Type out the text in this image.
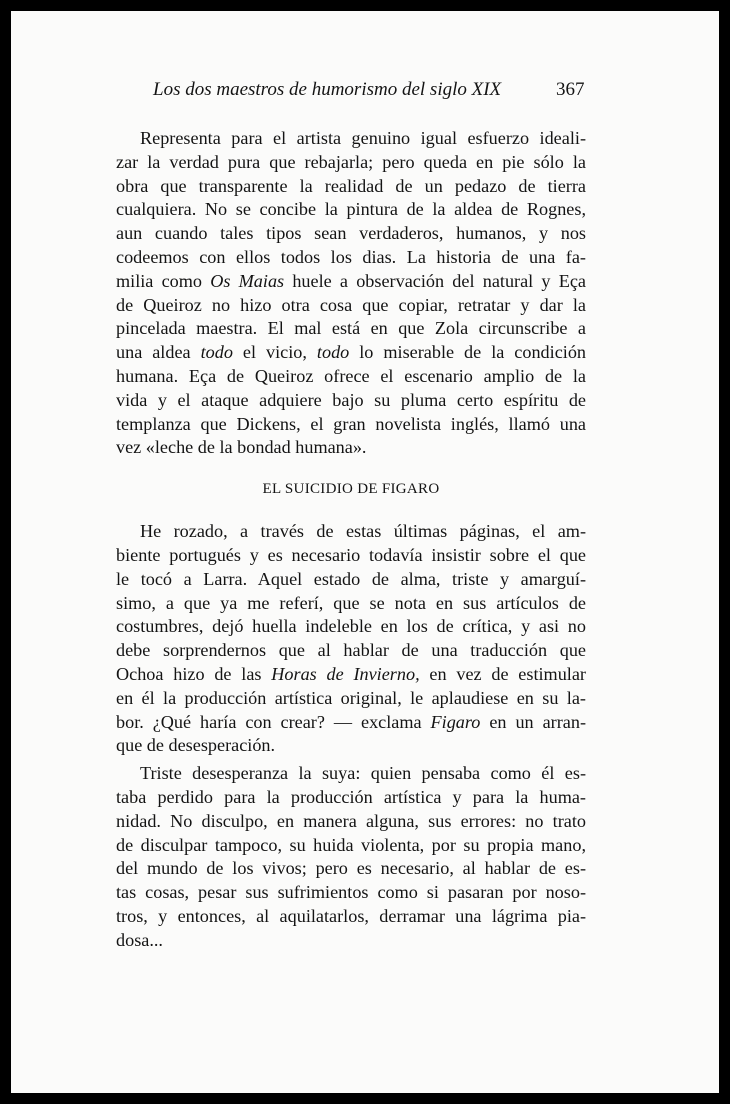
Los dos maestros de humorismo del siglo XIX	367
Representa para el artista genuino igual esfuerzo ideali-
zar la verdad pura que rebajarla; pero queda en pie sólo la
obra que transparente la realidad de un pedazo de tierra
cualquiera. No se concibe la pintura de la aldea de Rognes,
aun cuando tales tipos sean verdaderos, humanos, y nos
codeemos con ellos todos los dias. La historia de una fa-
milia como Os Maias huele a observación del natural y Eça
de Queiroz no hizo otra cosa que copiar, retratar y dar la
pincelada maestra. El mal está en que Zola circunscribe a
una aldea todo el vicio, todo lo miserable de la condición
humana. Eça de Queiroz ofrece el escenario amplio de la
vida y el ataque adquiere bajo su pluma certo espíritu de
templanza que Dickens, el gran novelista inglés, llamó una
vez «leche de la bondad humana».
EL SUICIDIO DE FIGARO
He rozado, a través de estas últimas páginas, el am-
biente portugués y es necesario todavía insistir sobre el que
le tocó a Larra. Aquel estado de alma, triste y amarguí-
simo, a que ya me referí, que se nota en sus artículos de
costumbres, dejó huella indeleble en los de crítica, y asi no
debe sorprendernos que al hablar de una traducción que
Ochoa hizo de las Horas de Invierno, en vez de estimular
en él la producción artística original, le aplaudiese en su la-
bor. ¿Qué haría con crear? — exclama Figaro en un arran-
que de desesperación.
Triste desesperanza la suya: quien pensaba como él es-
taba perdido para la producción artística y para la huma-
nidad. No disculpo, en manera alguna, sus errores: no trato
de disculpar tampoco, su huida violenta, por su propia mano,
del mundo de los vivos; pero es necesario, al hablar de es-
tas cosas, pesar sus sufrimientos como si pasaran por noso-
tros, y entonces, al aquilatarlos, derramar una lágrima pia-
dosa...
